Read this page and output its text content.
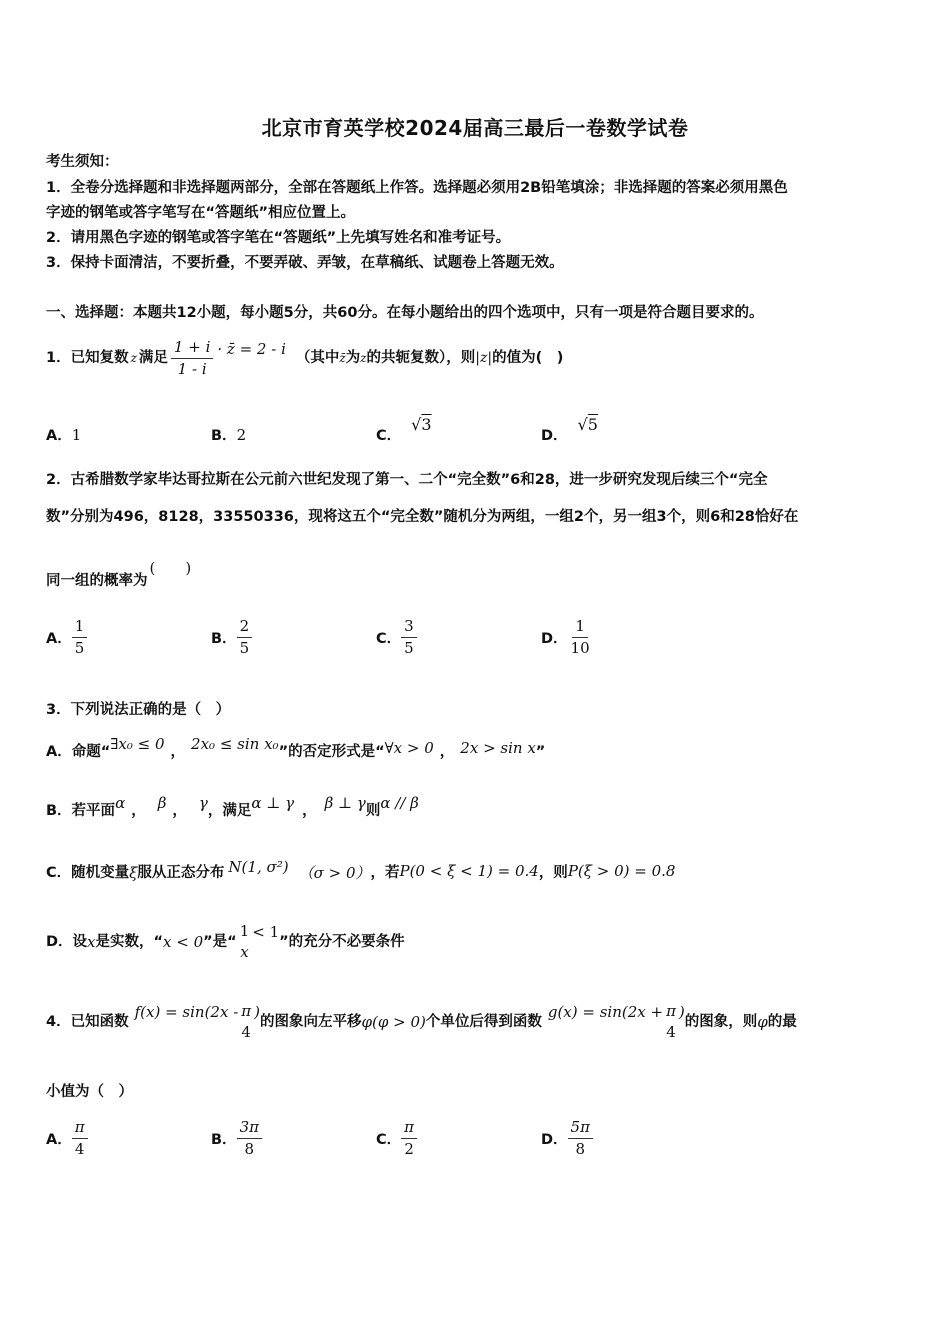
北京市育英学校2024届高三最后一卷数学试卷
考生须知：
1．全卷分选择题和非选择题两部分，全部在答题纸上作答。选择题必须用2B铅笔填涂；非选择题的答案必须用黑色
字迹的钢笔或答字笔写在“答题纸”相应位置上。
2．请用黑色字迹的钢笔或答字笔在“答题纸”上先填写姓名和准考证号。
3．保持卡面清洁，不要折叠，不要弄破、弄皱，在草稿纸、试题卷上答题无效。
一、选择题：本题共12小题，每小题5分，共60分。在每小题给出的四个选项中，只有一项是符合题目要求的。
1．已知复数 z 满足 $\frac{1 + i}{1 - i}$ · z̄ = 2 - i （其中 z̄ 为 z 的共轭复数），则 |z| 的值为(　)
A．1	B．2	C．√3
D．√5
2．古希腊数学家毕达哥拉斯在公元前六世纪发现了第一、二个“完全数”6和28，进一步研究发现后续三个“完全
数”分别为496，8128，33550336，现将这五个“完全数”随机分为两组，一组2个，另一组3个，则6和28恰好在
同一组的概率为(　　)
A． $\frac{1}{5}$	B． $\frac{2}{5}$	C． $\frac{3}{5}$	D． $\frac{1}{10}$
3．下列说法正确的是（　）
A．命题“ ∃x₀ ≤ 0 ， 2x₀ ≤ sin x₀ ”的否定形式是“ ∀x > 0 ， 2x > sin x ”
B．若平面 α ， β ， γ ，满足 α ⊥ γ ， β ⊥ γ 则 α // β
C．随机变量 ξ 服从正态分布 N(1, σ²) （σ > 0） ，若 P(0 < ξ < 1) = 0.4 ，则 P(ξ > 0) = 0.8
D．设 x 是实数，“ x < 0 ”是“
1
x
< 1
”的充分不必要条件
4．已知函数
f(x) = sin(2x - π
4
)
的图象向左平移 φ(φ > 0) 个单位后得到函数
g(x) = sin(2x + π
4
)
的图象，则 φ 的最
小值为（　）
A． $\frac{\pi}{4}$	B． $\frac{3\pi}{8}$	C． $\frac{\pi}{2}$	D． $\frac{5\pi}{8}$
